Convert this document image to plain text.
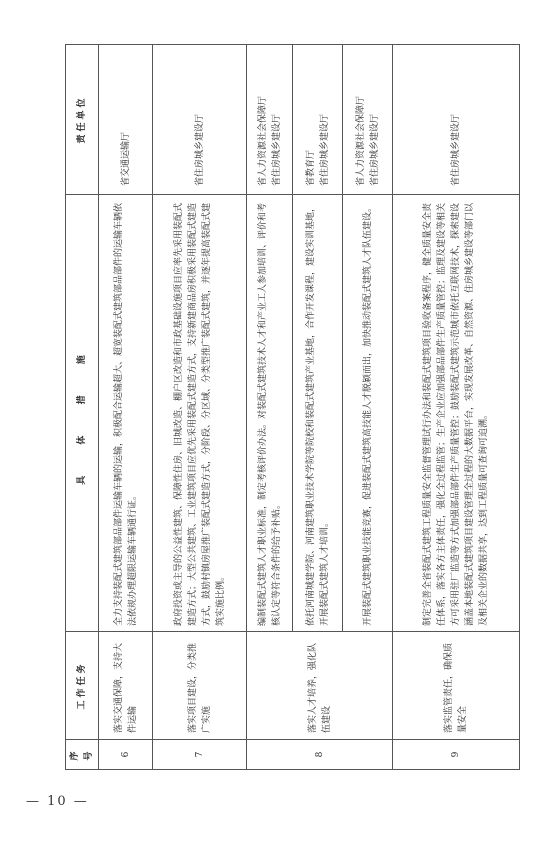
序号	工作任务	具 体 措 施	责任单位
6	落实交通保障，支持大件运输	全力支持装配式建筑部品部件运输车辆的运输，积极配合运输超大、超宽装配式建筑部品部件的运输车辆依法依规办理超限运输车辆通行证。	省交通运输厅

7	落实项目建设，分类推广实施	政府投资或主导的公益性建筑、保障性住房、旧城改造、棚户区改造和市政基础设施项目应率先采用装配式建造方式；大型公共建筑、工业建筑项目应优先采用装配式建造方式，支持新建商品房积极采用装配式建造方式，鼓励村镇房屋推广装配式建造方式，分阶段、分区域、分类型推广装配式建筑，并逐年提高装配式建筑实施比例。	省住房城乡建设厅

8	落实人才培养，强化队伍建设	编制装配式建筑人才职业标准，制定考核评价办法。对装配式建筑技术人才和产业工人参加培训、评价和考核认定等符合条件的给予补贴。	省人力资源社会保障厅 省住房城乡建设厅

		依托河南城建学院、河南建筑职业技术学院等院校和装配式建筑产业基地，合作开发课程，建设实训基地，开展装配式建筑人才培训。	省教育厅 省住房城乡建设厅

		开展装配式建筑职业技能竞赛，促进装配式建筑高技能人才脱颖而出，加快推动装配式建筑人才队伍建设。	省人力资源社会保障厅 省住房城乡建设厅

9	落实监管责任，确保质量安全	制定完善全省装配式建筑工程质量安全监督管理试行办法和装配式建筑项目验收备案程序，健全质量安全责任体系，落实各方主体责任，强化全过程监管；生产企业应加强部品部件生产质量管控；监理及建设等相关方可采用驻厂监造等方式加强部品部件生产质量管控；鼓励装配式建筑示范城市依托互联网技术，探索建设涵盖本地装配式建筑项目建设管理全过程的大数据平台，实现发展改革、自然资源、住房城乡建设等部门以及相关企业的数据共享，达到工程质量可查询可追溯。	省住房城乡建设厅
— 10 —
